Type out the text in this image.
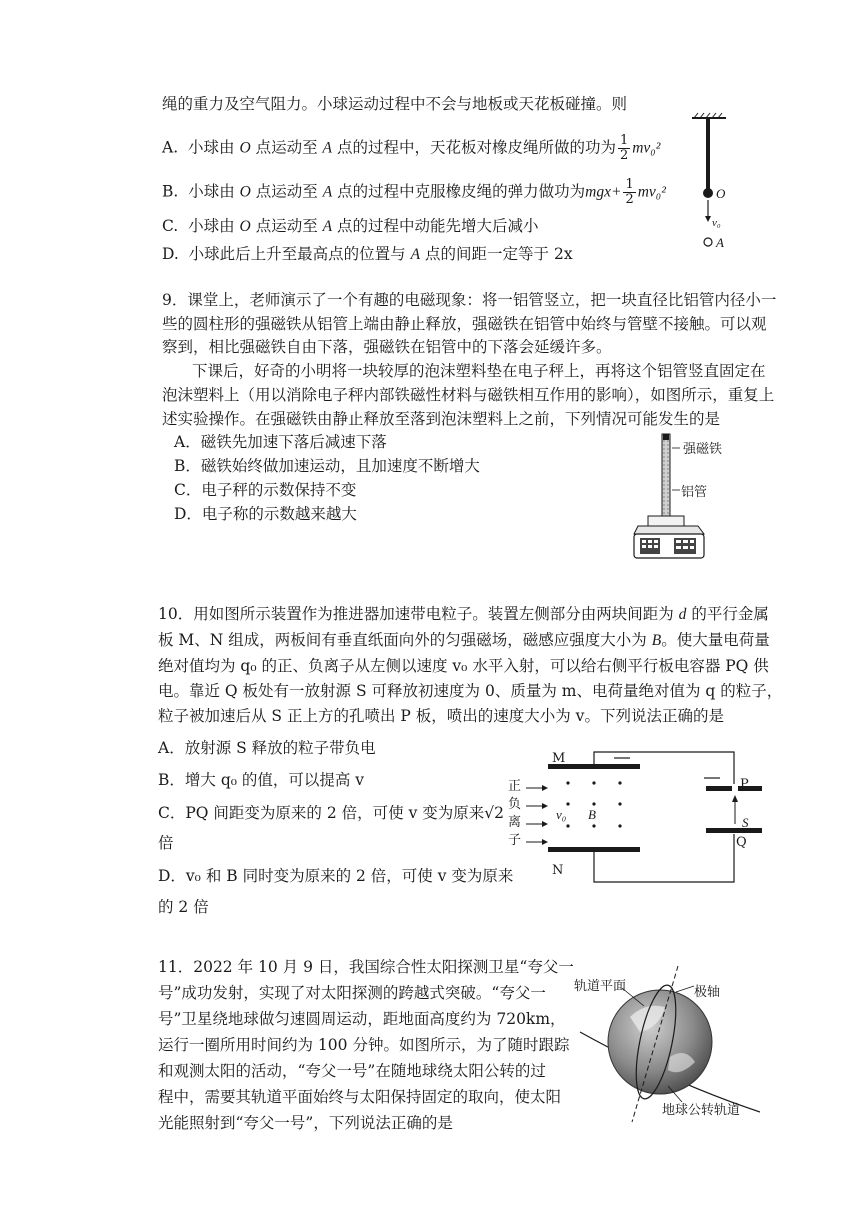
绳的重力及空气阻力。小球运动过程中不会与地板或天花板碰撞。则
A. 小球由 O 点运动至 A 点的过程中，天花板对橡皮绳所做的功为 $\frac{1}{2} mv_0^2$
B. 小球由 O 点运动至 A 点的过程中克服橡皮绳的弹力做功为$mgx+ \frac{1}{2} mv_0^2$
C. 小球由 O 点运动至 A 点的过程中动能先增大后减小
D. 小球此后上升至最高点的位置与 A 点的间距一定等于 2x
O
v₀
A
9．课堂上，老师演示了一个有趣的电磁现象：将一铝管竖立，把一块直径比铝管内径小一
些的圆柱形的强磁铁从铝管上端由静止释放，强磁铁在铝管中始终与管壁不接触。可以观
察到，相比强磁铁自由下落，强磁铁在铝管中的下落会延缓许多。
下课后，好奇的小明将一块较厚的泡沫塑料垫在电子秤上，再将这个铝管竖直固定在
泡沫塑料上（用以消除电子秤内部铁磁性材料与磁铁相互作用的影响），如图所示，重复上
述实验操作。在强磁铁由静止释放至落到泡沫塑料上之前，下列情况可能发生的是
A．磁铁先加速下落后减速下落
B．磁铁始终做加速运动，且加速度不断增大
C．电子秤的示数保持不变
D．电子称的示数越来越大
强磁铁
铝管
10．用如图所示装置作为推进器加速带电粒子。装置左侧部分由两块间距为 d 的平行金属
板 M、N 组成，两板间有垂直纸面向外的匀强磁场，磁感应强度大小为 B。使大量电荷量
绝对值均为 q₀ 的正、负离子从左侧以速度 v₀ 水平入射，可以给右侧平行板电容器 PQ 供
电。靠近 Q 板处有一放射源 S 可释放初速度为 0、质量为 m、电荷量绝对值为 q 的粒子，
粒子被加速后从 S 正上方的孔喷出 P 板，喷出的速度大小为 v。下列说法正确的是
A．放射源 S 释放的粒子带负电
B．增大 q₀ 的值，可以提高 v
C．PQ 间距变为原来的 2 倍，可使 v 变为原来√2
倍
D．v₀ 和 B 同时变为原来的 2 倍，可使 v 变为原来
的 2 倍
M
N
P
Q
S
B
v₀
正
负
离
子
11．2022 年 10 月 9 日，我国综合性太阳探测卫星“夸父一
号”成功发射，实现了对太阳探测的跨越式突破。“夸父一
号”卫星绕地球做匀速圆周运动，距地面高度约为 720km，
运行一圈所用时间约为 100 分钟。如图所示，为了随时跟踪
和观测太阳的活动，“夸父一号”在随地球绕太阳公转的过
程中，需要其轨道平面始终与太阳保持固定的取向，使太阳
光能照射到“夸父一号”，下列说法正确的是
轨道平面	极轴
地球公转轨道
